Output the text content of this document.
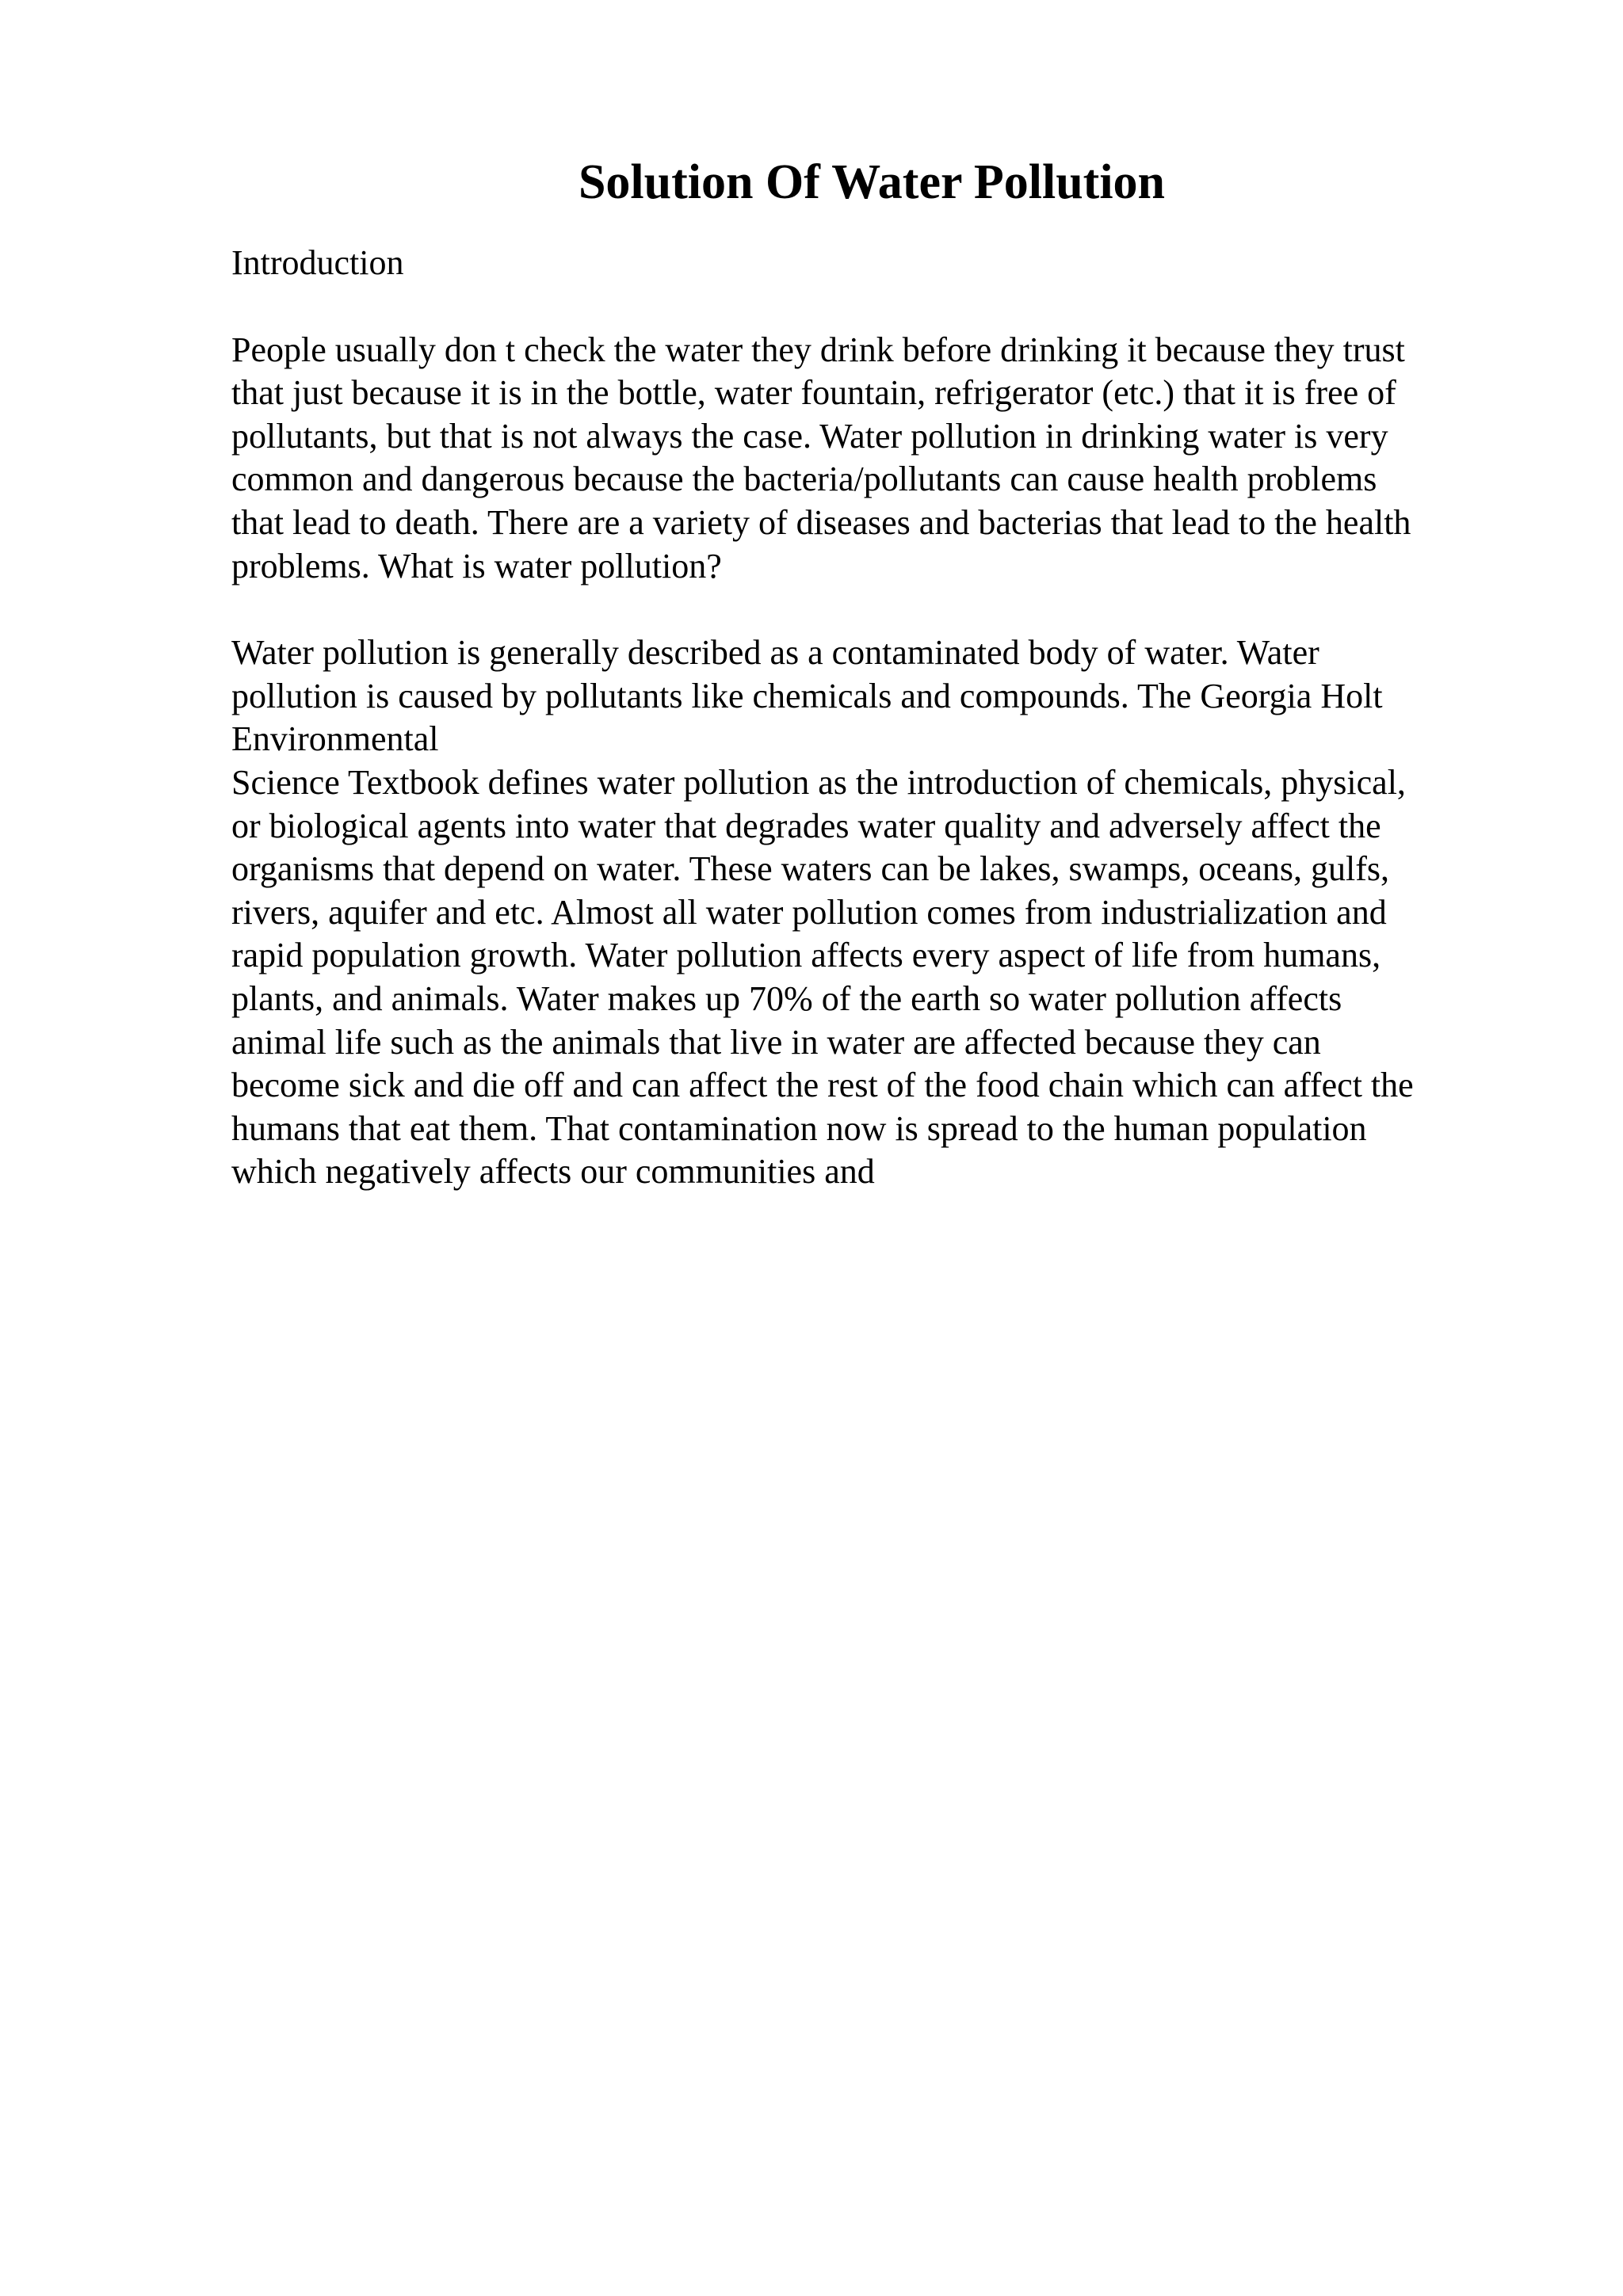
Solution Of Water Pollution

Introduction

People usually don t check the water they drink before drinking it because they trust
that just because it is in the bottle, water fountain, refrigerator (etc.) that it is free of
pollutants, but that is not always the case. Water pollution in drinking water is very
common and dangerous because the bacteria/pollutants can cause health problems
that lead to death. There are a variety of diseases and bacterias that lead to the health
problems. What is water pollution?

Water pollution is generally described as a contaminated body of water. Water
pollution is caused by pollutants like chemicals and compounds. The Georgia Holt
Environmental
Science Textbook defines water pollution as the introduction of chemicals, physical,
or biological agents into water that degrades water quality and adversely affect the
organisms that depend on water. These waters can be lakes, swamps, oceans, gulfs,
rivers, aquifer and etc. Almost all water pollution comes from industrialization and
rapid population growth. Water pollution affects every aspect of life from humans,
plants, and animals. Water makes up 70% of the earth so water pollution affects
animal life such as the animals that live in water are affected because they can
become sick and die off and can affect the rest of the food chain which can affect the
humans that eat them. That contamination now is spread to the human population
which negatively affects our communities and
